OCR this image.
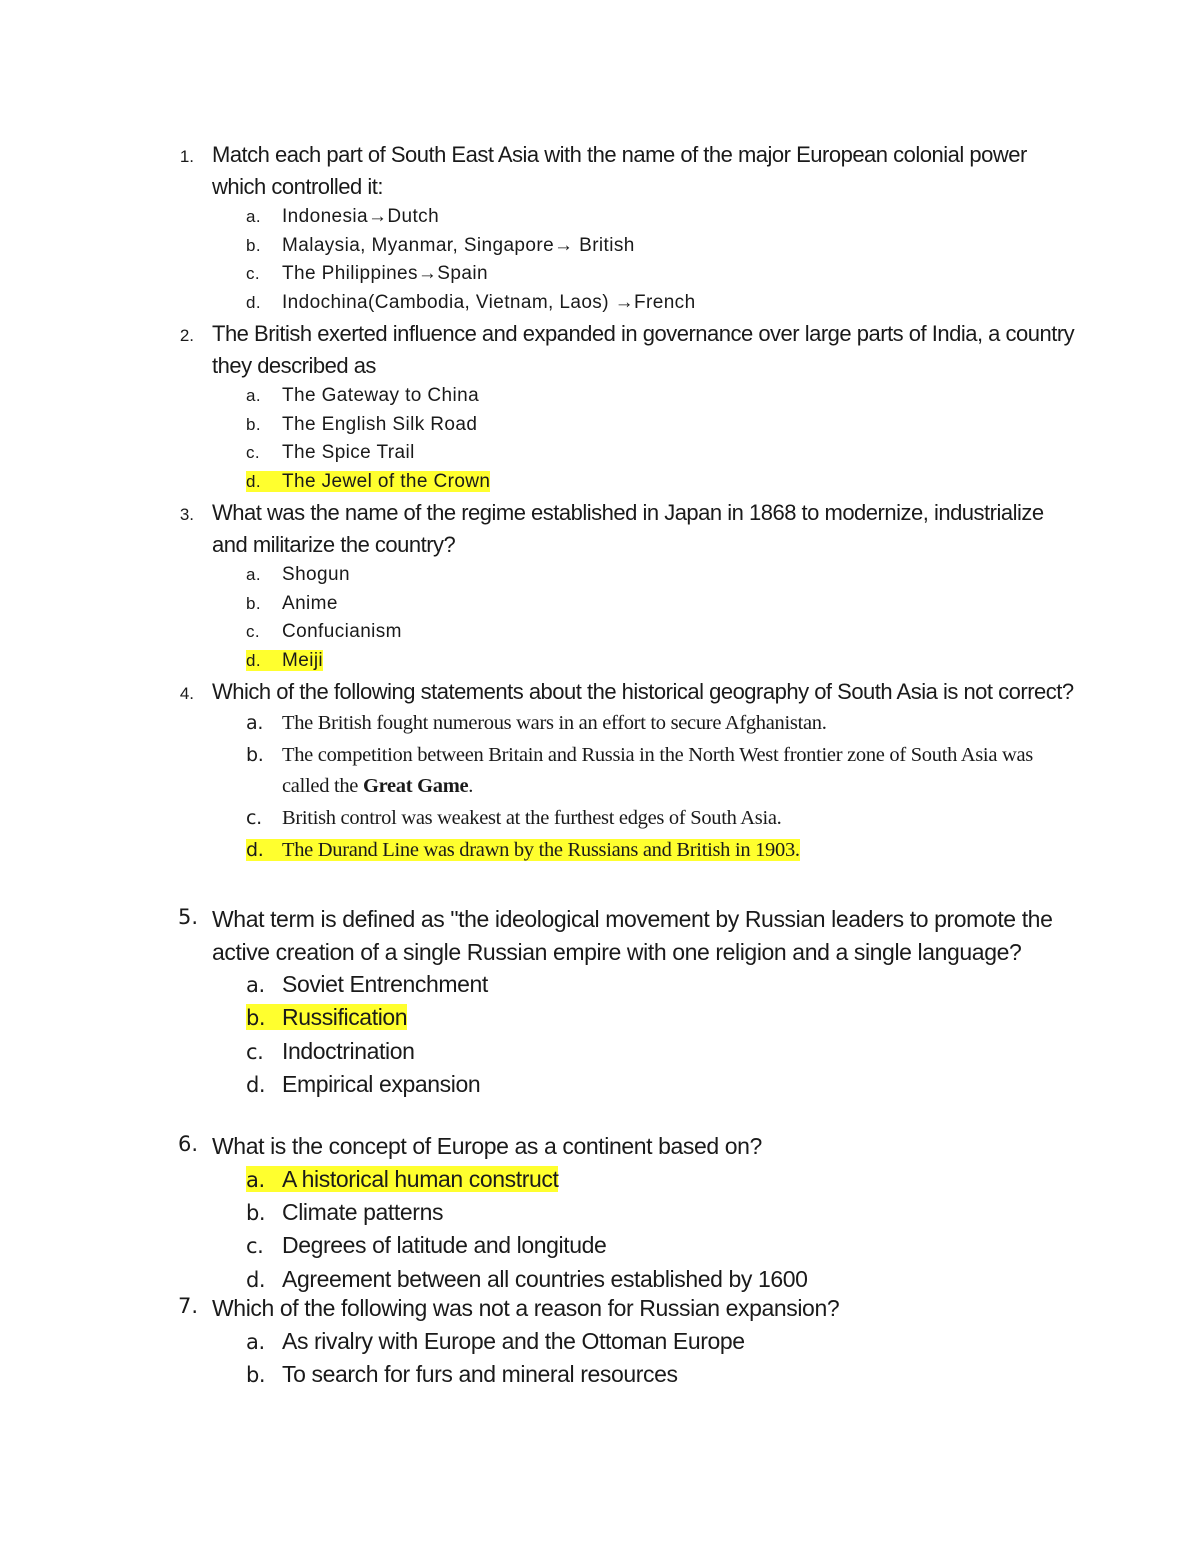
1. Match each part of South East Asia with the name of the major European colonial power which controlled it:
a. Indonesia→Dutch
b. Malaysia, Myanmar, Singapore→ British
c. The Philippines→Spain
d. Indochina(Cambodia, Vietnam, Laos) →French
2. The British exerted influence and expanded in governance over large parts of India, a country they described as
a. The Gateway to China
b. The English Silk Road
c. The Spice Trail
d. The Jewel of the Crown
3. What was the name of the regime established in Japan in 1868 to modernize, industrialize and militarize the country?
a. Shogun
b. Anime
c. Confucianism
d. Meiji
4. Which of the following statements about the historical geography of South Asia is not correct?
a. The British fought numerous wars in an effort to secure Afghanistan.
b. The competition between Britain and Russia in the North West frontier zone of South Asia was called the Great Game.
c. British control was weakest at the furthest edges of South Asia.
d. The Durand Line was drawn by the Russians and British in 1903.
5. What term is defined as "the ideological movement by Russian leaders to promote the active creation of a single Russian empire with one religion and a single language?
a. Soviet Entrenchment
b. Russification
c. Indoctrination
d. Empirical expansion
6. What is the concept of Europe as a continent based on?
a. A historical human construct
b. Climate patterns
c. Degrees of latitude and longitude
d. Agreement between all countries established by 1600
7. Which of the following was not a reason for Russian expansion?
a. As rivalry with Europe and the Ottoman Europe
b. To search for furs and mineral resources
